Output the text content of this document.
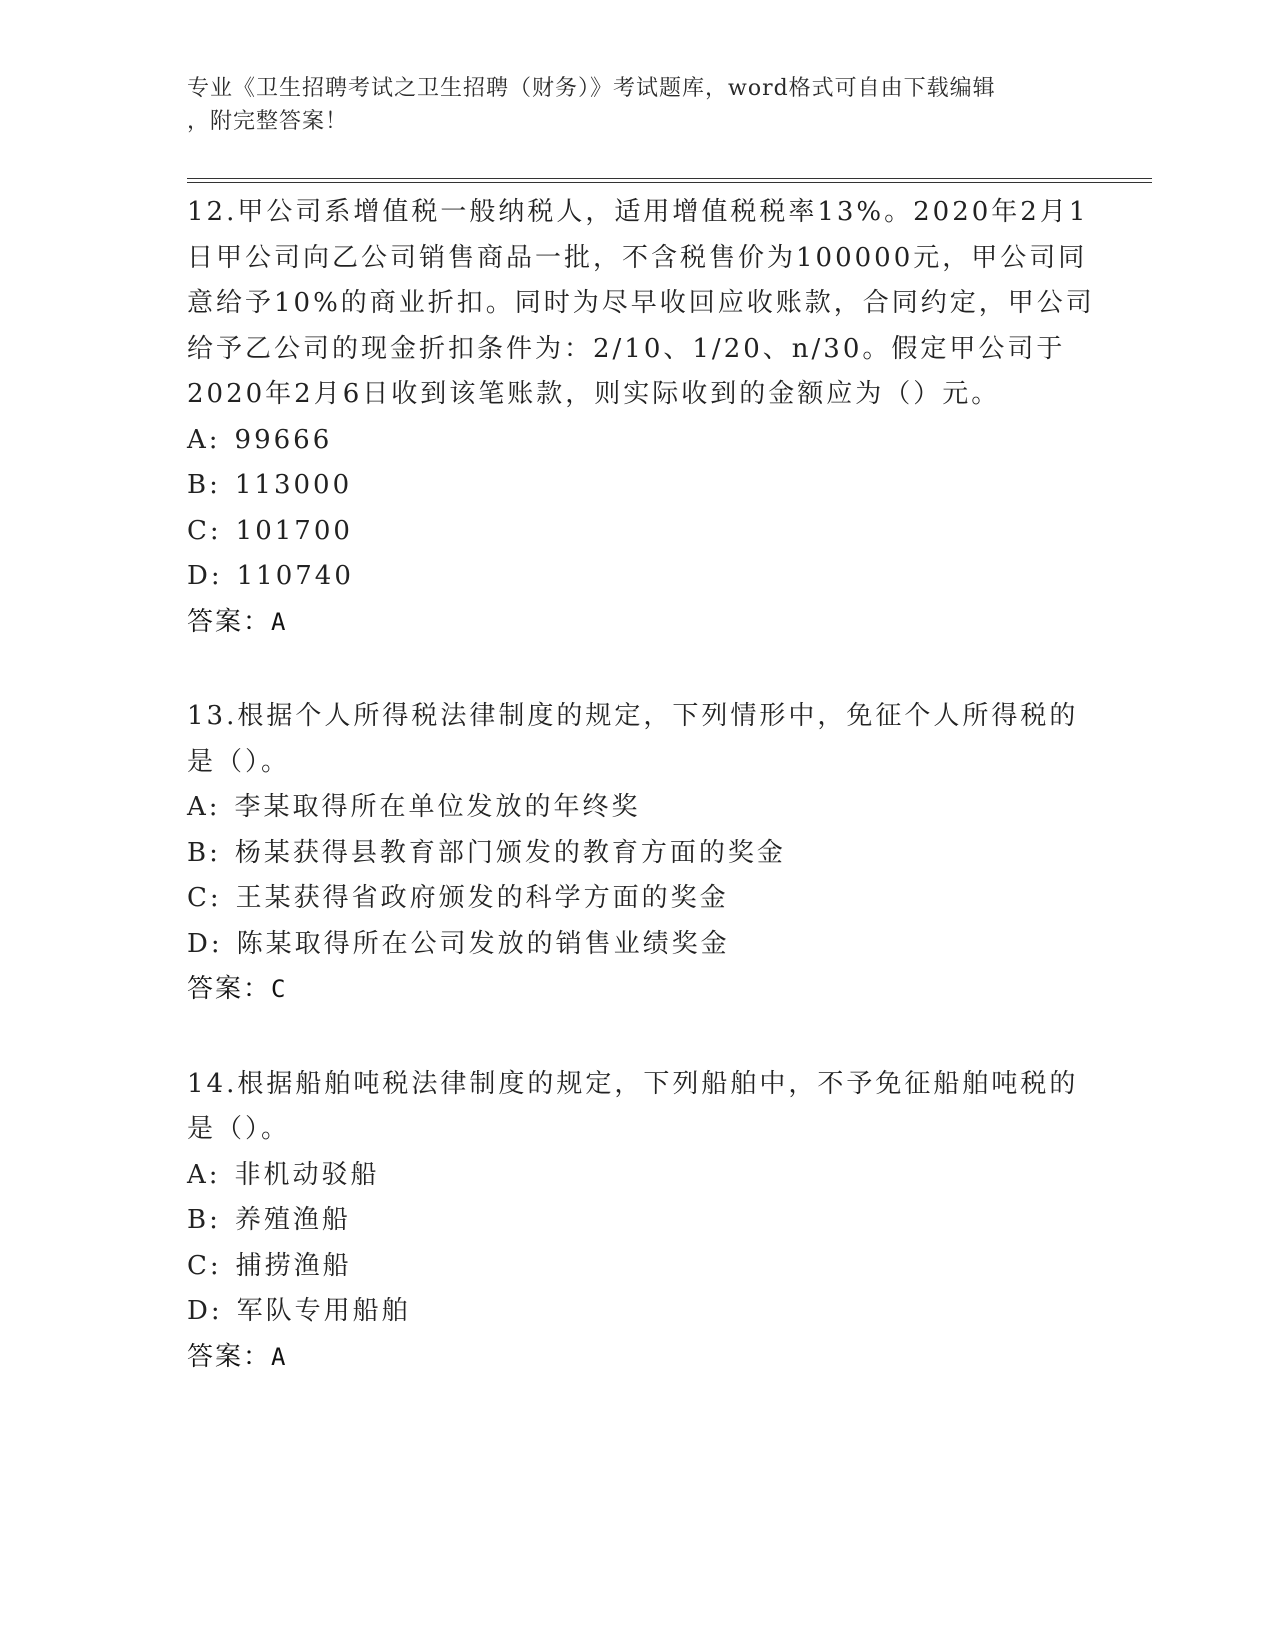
专业《卫生招聘考试之卫生招聘（财务）》考试题库，word格式可自由下载编辑
，附完整答案！
12.甲公司系增值税一般纳税人，适用增值税税率13%。2020年2月1
日甲公司向乙公司销售商品一批，不含税售价为100000元，甲公司同
意给予10%的商业折扣。同时为尽早收回应收账款，合同约定，甲公司
给予乙公司的现金折扣条件为：2/10、1/20、n/30。假定甲公司于
2020年2月6日收到该笔账款，则实际收到的金额应为（）元。
A: 99666
B: 113000
C: 101700
D: 110740
答案：A
13.根据个人所得税法律制度的规定，下列情形中，免征个人所得税的
是（）。
A: 李某取得所在单位发放的年终奖
B: 杨某获得县教育部门颁发的教育方面的奖金
C: 王某获得省政府颁发的科学方面的奖金
D: 陈某取得所在公司发放的销售业绩奖金
答案：C
14.根据船舶吨税法律制度的规定，下列船舶中，不予免征船舶吨税的
是（）。
A: 非机动驳船
B: 养殖渔船
C: 捕捞渔船
D: 军队专用船舶
答案：A
